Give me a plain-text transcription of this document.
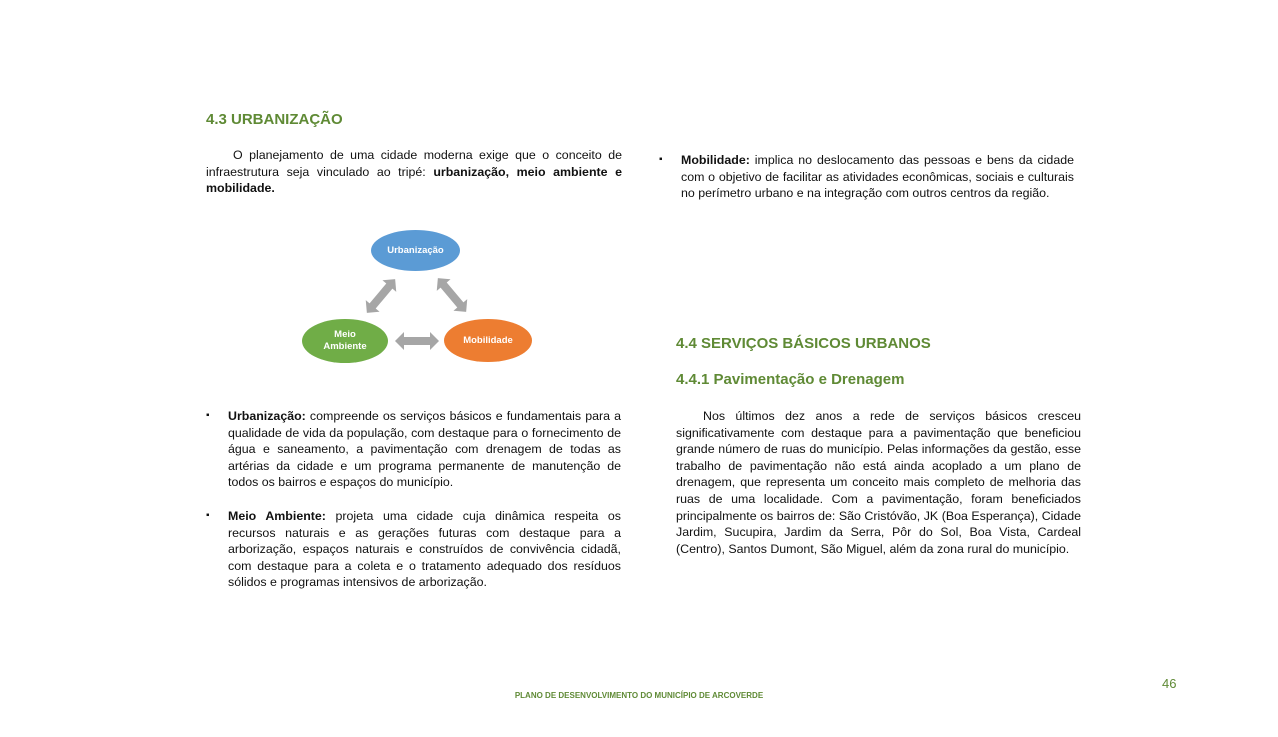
4.3 URBANIZAÇÃO

O planejamento de uma cidade moderna exige que o conceito de infraestrutura seja vinculado ao tripé: urbanização, meio ambiente e mobilidade.

Urbanização
Meio Ambiente
Mobilidade
▪ Urbanização: compreende os serviços básicos e fundamentais para a qualidade de vida da população, com destaque para o fornecimento de água e saneamento, a pavimentação com drenagem de todas as artérias da cidade e um programa permanente de manutenção de todos os bairros e espaços do município.
▪ Meio Ambiente: projeta uma cidade cuja dinâmica respeita os recursos naturais e as gerações futuras com destaque para a arborização, espaços naturais e construídos de convivência cidadã, com destaque para a coleta e o tratamento adequado dos resíduos sólidos e programas intensivos de arborização.
▪ Mobilidade: implica no deslocamento das pessoas e bens da cidade com o objetivo de facilitar as atividades econômicas, sociais e culturais no perímetro urbano e na integração com outros centros da região.
4.4 SERVIÇOS BÁSICOS URBANOS
4.4.1 Pavimentação e Drenagem

Nos últimos dez anos a rede de serviços básicos cresceu significativamente com destaque para a pavimentação que beneficiou grande número de ruas do município. Pelas informações da gestão, esse trabalho de pavimentação não está ainda acoplado a um plano de drenagem, que representa um conceito mais completo de melhoria das ruas de uma localidade. Com a pavimentação, foram beneficiados principalmente os bairros de: São Cristóvão, JK (Boa Esperança), Cidade Jardim, Sucupira, Jardim da Serra, Pôr do Sol, Boa Vista, Cardeal (Centro), Santos Dumont, São Miguel, além da zona rural do município.

PLANO DE DESENVOLVIMENTO DO MUNICÍPIO DE ARCOVERDE
46
